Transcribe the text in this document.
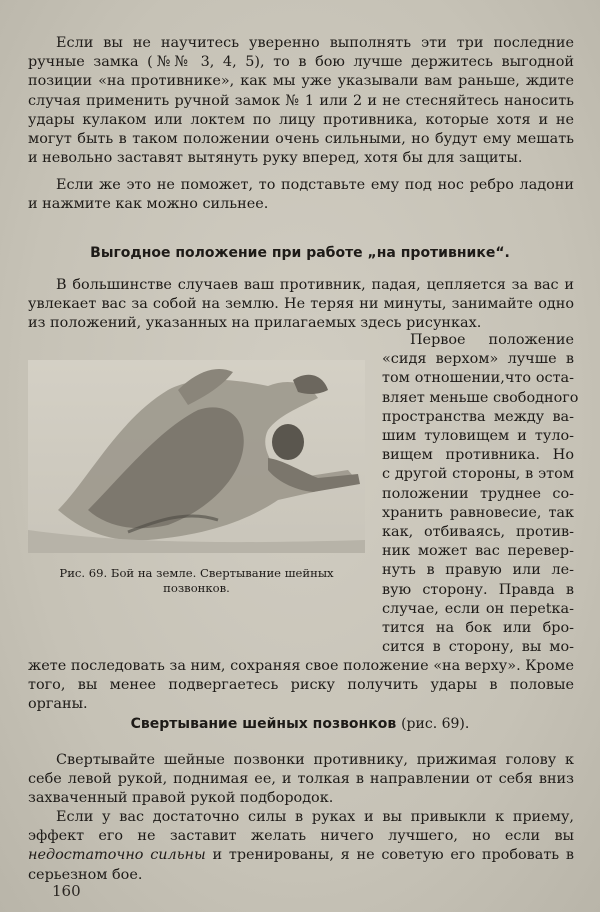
Если вы не научитесь уверенно выполнять эти три последние ручные замка (№№ 3, 4, 5), то в бою лучше держитесь выгодной позиции «на противнике», как мы уже указывали вам раньше, ждите случая применить ручной замок № 1 или 2 и не стесняйтесь наносить удары кулаком или локтем по лицу противника, которые хотя и не могут быть в таком положении очень сильными, но будут ему мешать и невольно заставят вытянуть руку вперед, хотя бы для защиты.

Если же это не поможет, то подставьте ему под нос ребро ладони и нажмите как можно сильнее.

Выгодное положение при работе „на противнике“.

В большинстве случаев ваш противник, падая, цепляется за вас и увлекает вас за собой на землю. Не теряя ни минуты, занимайте одно из положений, указанных на прилагаемых здесь рисунках.

Рис. 69. Бой на земле. Свертывание шейных позвонков.
Первое положение
«сидя верхом» лучше в
том отношении,что оста-
вляет меньше свободного
пространства между ва-
шим туловищем и туло-
вищем противника. Но
с другой стороны, в этом
положении труднее со-
хранить равновесие, так
как, отбиваясь, против-
ник может вас перевер-
нуть в правую или ле-
вую сторону. Правда в
случае, если он переtка-
тится на бок или бро-
сится в сторону, вы мо-

жете последовать за ним, сохраняя свое положение «на верху». Кроме того, вы менее подвергаетесь риску получить удары в половые органы.

Свертывание шейных позвонков (рис. 69).

Свертывайте шейные позвонки противнику, прижимая голову к себе левой рукой, поднимая ее, и толкая в направлении от себя вниз захваченный правой рукой подбородок.

Если у вас достаточно силы в руках и вы привыкли к приему, эффект его не заставит желать ничего лучшего, но если вы недостаточно сильны и тренированы, я не советую его пробовать в серьезном бое.

160
